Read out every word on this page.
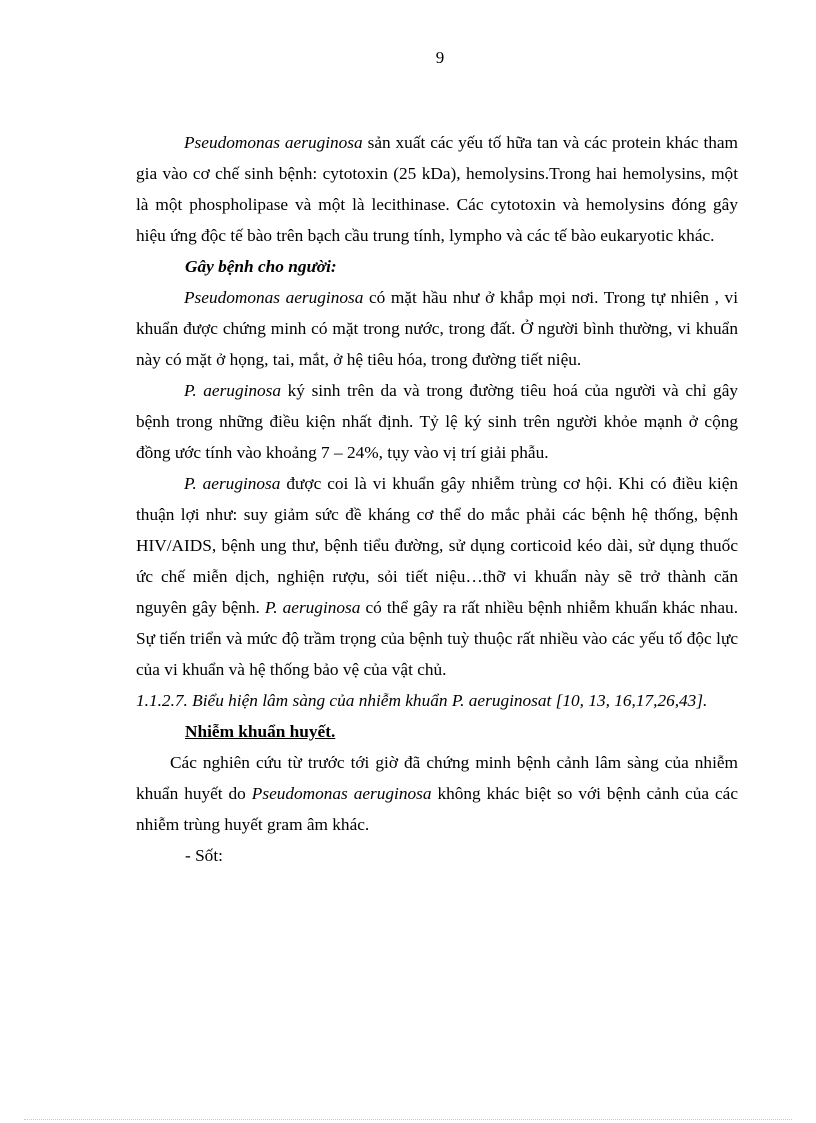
9

Pseudomonas aeruginosa sản xuất các yếu tố hữa tan và các protein khác tham gia vào cơ chế sinh bệnh: cytotoxin (25 kDa), hemolysins.Trong hai hemolysins, một là một phospholipase và một là lecithinase. Các cytotoxin và hemolysins đóng gây hiệu ứng độc tế bào trên bạch cầu trung tính, lympho và các tế bào eukaryotic khác.

Gây bệnh cho người:

Pseudomonas aeruginosa có mặt hầu như ở khắp mọi nơi. Trong tự nhiên , vi khuẩn được chứng minh có mặt trong nước, trong đất. Ở người bình thường, vi khuẩn này có mặt ở họng, tai, mắt, ở hệ tiêu hóa, trong đường tiết niệu.

P. aeruginosa ký sinh trên da và trong đường tiêu hoá của người và chỉ gây bệnh trong những điều kiện nhất định. Tỷ lệ ký sinh trên người khỏe mạnh ở cộng đồng ước tính vào khoảng 7 – 24%, tụy vào vị trí giải phẫu.

P. aeruginosa được coi là vi khuẩn gây nhiễm trùng cơ hội. Khi có điều kiện thuận lợi như: suy giảm sức đề kháng cơ thể do mắc phải các bệnh hệ thống, bệnh HIV/AIDS, bệnh ung thư, bệnh tiểu đường, sử dụng corticoid kéo dài, sử dụng thuốc ức chế miễn dịch, nghiện rượu, sỏi tiết niệu…thỡ vi khuẩn này sẽ trở thành căn nguyên gây bệnh. P. aeruginosa có thể gây ra rất nhiều bệnh nhiễm khuẩn khác nhau. Sự tiến triển và mức độ trầm trọng của bệnh tuỳ thuộc rất nhiều vào các yếu tố độc lực của vi khuẩn và hệ thống bảo vệ của vật chủ.

1.1.2.7. Biểu hiện lâm sàng của nhiễm khuẩn P. aeruginosat [10, 13, 16,17,26,43].

Nhiễm khuẩn huyết.

Các nghiên cứu từ trước tới giờ đã chứng minh bệnh cảnh lâm sàng của nhiễm khuẩn huyết do Pseudomonas aeruginosa không khác biệt so với bệnh cảnh của các nhiễm trùng huyết gram âm khác.

- Sốt:
